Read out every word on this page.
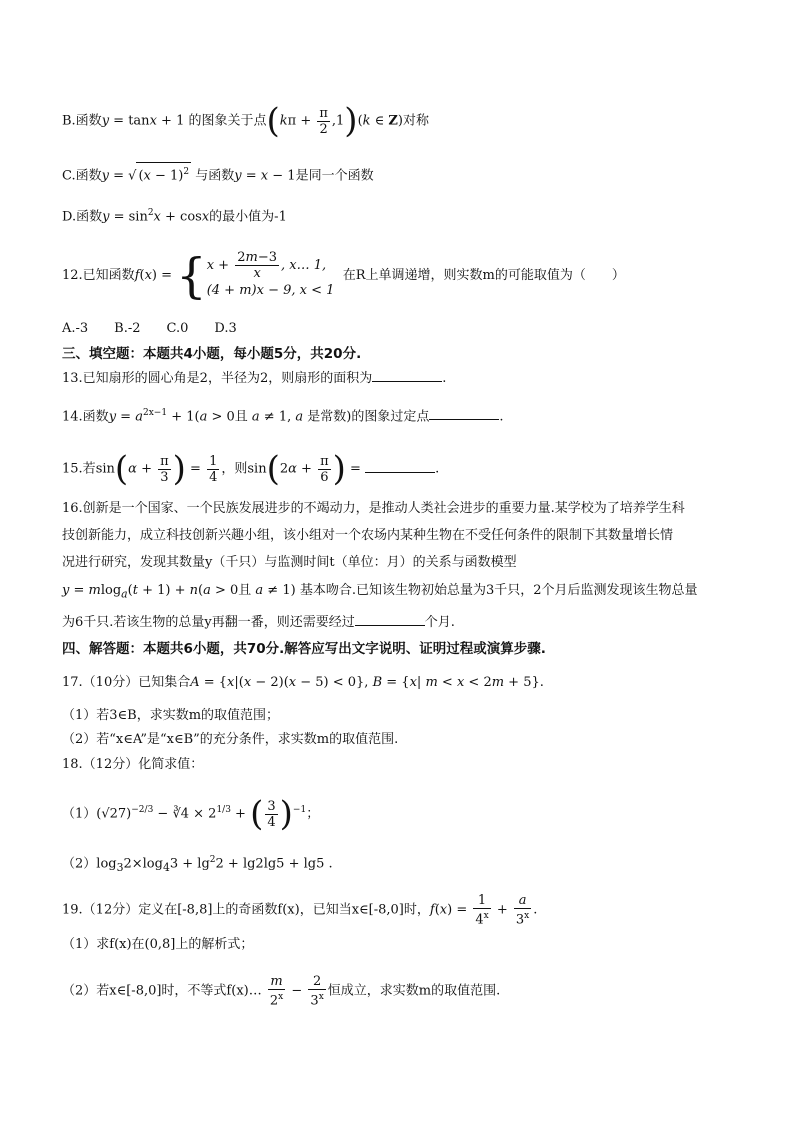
B.函数y = tanx + 1 的图象关于点$(k\pi + \frac{\pi}{2} ,1)(k$ ∈ Z)对称
C.函数y = √ $(x - 1)^2$ 与函数y = x − 1是同一个函数
D.函数$y = \sin^2x + \cos x$的最小值为-1
12.已知函数f(x) = { $x + \frac{2m-3}{x}$ , x… 1,
(4 + m)x − 9, x < 1
在R上单调递增，则实数m的可能取值为（　　）
A.-3　　B.-2　　C.0　　D.3
三、填空题：本题共4小题，每小题5分，共20分.
13.已知扇形的圆心角是2，半径为2，则扇形的面积为	.
14.函数$y = a^{2x-1} + 1(a > 0$且 a ≠ 1, a 是常数)的图象过定点	.
15.若$\sin(\alpha + \frac{\pi}{3}$ ) = $\frac{1}{4}$ ，则$\sin(2\alpha + \frac{\pi}{6}$ ) =	.
16.创新是一个国家、一个民族发展进步的不竭动力，是推动人类社会进步的重要力量.某学校为了培养学生科
技创新能力，成立科技创新兴趣小组，该小组对一个农场内某种生物在不受任何条件的限制下其数量增长情
况进行研究，发现其数量y（千只）与监测时间t（单位：月）的关系与函数模型
y = mlog$_a$(t + 1) + n(a > 0且 a ≠ 1) 基本吻合.已知该生物初始总量为3千只，2个月后监测发现该生物总量
为6千只.若该生物的总量y再翻一番，则还需要经过	个月.
四、解答题：本题共6小题，共70分.解答应写出文字说明、证明过程或演算步骤.
17.（10分）已知集合A = {x|(x − 2)(x − 5) < 0}, B = {x| m < x < 2m + 5}.
（1）若3∈B，求实数m的取值范围；
（2）若“x∈A”是“x∈B”的充分条件，求实数m的取值范围.
18.（12分）化简求值：
$(1)(√27)^{-2/3}$ − ∛4 × $2^{1/3}$ + ( $\frac{3}{4} )^{-1}$；
$(2)\log_32\times\log_43 + \lg^22 + \lg 2\lg 5 + \lg 5$ .
19.（12分）定义在[-8,8]上的奇函数f(x)，已知当x∈[-8,0]时，$f(x) = \frac{1}{4^x} + \frac{a}{3^x}$ .
（1）求f(x)在(0,8]上的解析式；
（2）若x∈[-8,0]时，不等式f(x)… $\frac{m}{2^x} - \frac{2}{3^x}$ 恒成立，求实数m的取值范围.
